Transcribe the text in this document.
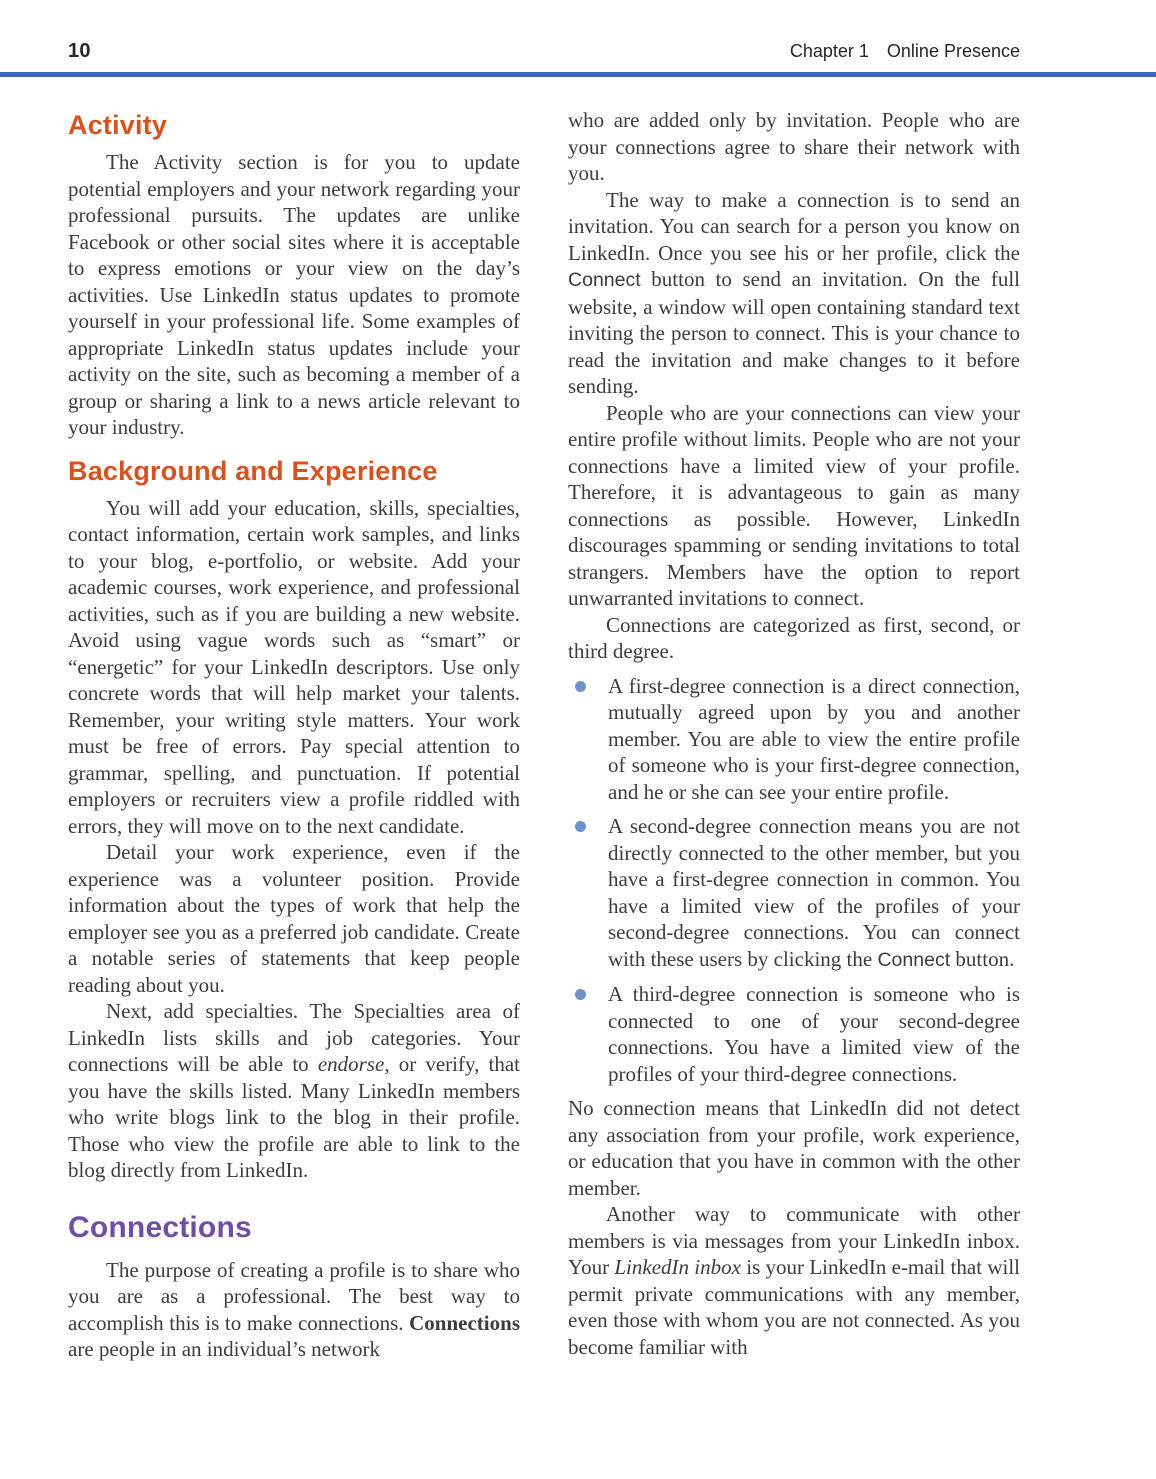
10	Chapter 1 Online Presence
Activity

The Activity section is for you to update potential employers and your network regarding your professional pursuits. The updates are unlike Facebook or other social sites where it is acceptable to express emotions or your view on the day’s activities. Use LinkedIn status updates to promote yourself in your professional life. Some examples of appropriate LinkedIn status updates include your activity on the site, such as becoming a member of a group or sharing a link to a news article relevant to your industry.

Background and Experience

You will add your education, skills, specialties, contact information, certain work samples, and links to your blog, e-portfolio, or website. Add your academic courses, work experience, and professional activities, such as if you are building a new website. Avoid using vague words such as “smart” or “energetic” for your LinkedIn descriptors. Use only concrete words that will help market your talents. Remember, your writing style matters. Your work must be free of errors. Pay special attention to grammar, spelling, and punctuation. If potential employers or recruiters view a profile riddled with errors, they will move on to the next candidate.

Detail your work experience, even if the experience was a volunteer position. Provide information about the types of work that help the employer see you as a preferred job candidate. Create a notable series of statements that keep people reading about you.

Next, add specialties. The Specialties area of LinkedIn lists skills and job categories. Your connections will be able to endorse, or verify, that you have the skills listed. Many LinkedIn members who write blogs link to the blog in their profile. Those who view the profile are able to link to the blog directly from LinkedIn.

Connections

The purpose of creating a profile is to share who you are as a professional. The best way to accomplish this is to make connections. Connections are people in an individual’s network

who are added only by invitation. People who are your connections agree to share their network with you.

The way to make a connection is to send an invitation. You can search for a person you know on LinkedIn. Once you see his or her profile, click the Connect button to send an invitation. On the full website, a window will open containing standard text inviting the person to connect. This is your chance to read the invitation and make changes to it before sending.

People who are your connections can view your entire profile without limits. People who are not your connections have a limited view of your profile. Therefore, it is advantageous to gain as many connections as possible. However, LinkedIn discourages spamming or sending invitations to total strangers. Members have the option to report unwarranted invitations to connect.

Connections are categorized as first, second, or third degree.

A first-degree connection is a direct connection, mutually agreed upon by you and another member. You are able to view the entire profile of someone who is your first-degree connection, and he or she can see your entire profile.

A second-degree connection means you are not directly connected to the other member, but you have a first-degree connection in common. You have a limited view of the profiles of your second-degree connections. You can connect with these users by clicking the Connect button.

A third-degree connection is someone who is connected to one of your second-degree connections. You have a limited view of the profiles of your third-degree connections.

No connection means that LinkedIn did not detect any association from your profile, work experience, or education that you have in common with the other member.

Another way to communicate with other members is via messages from your LinkedIn inbox. Your LinkedIn inbox is your LinkedIn e-mail that will permit private communications with any member, even those with whom you are not connected. As you become familiar with
